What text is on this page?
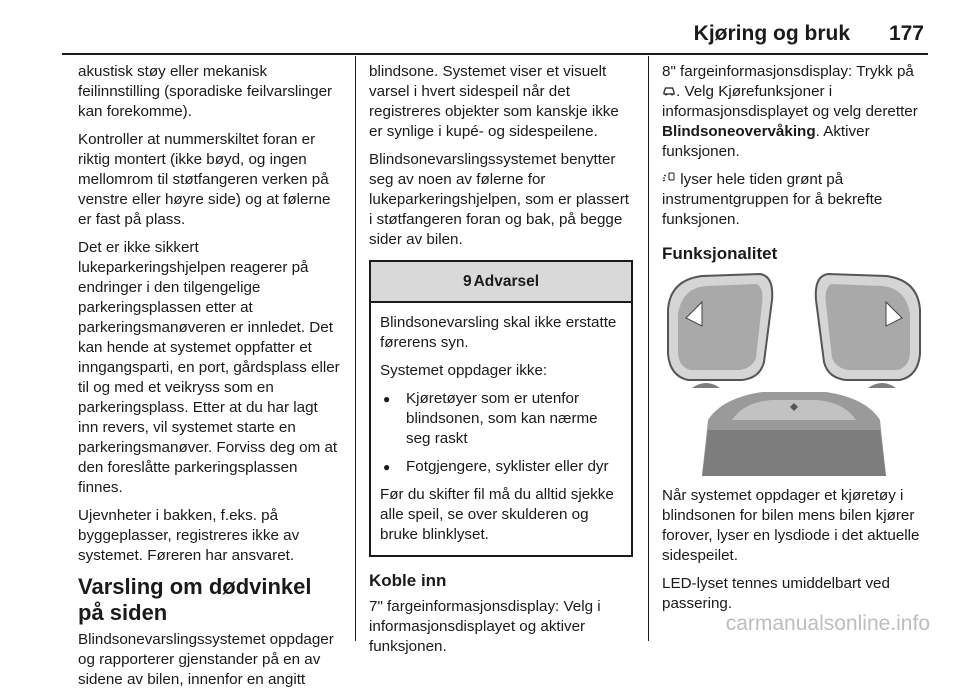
Kjøring og bruk 177

akustisk støy eller mekanisk feilinnstilling (sporadiske feilvarslinger kan forekomme).

Kontroller at nummerskiltet foran er riktig montert (ikke bøyd, og ingen mellomrom til støtfangeren verken på venstre eller høyre side) og at følerne er fast på plass.

Det er ikke sikkert lukeparkeringshjelpen reagerer på endringer i den tilgengelige parkeringsplassen etter at parkeringsmanøveren er innledet. Det kan hende at systemet oppfatter et inngangsparti, en port, gårdsplass eller til og med et veikryss som en parkeringsplass. Etter at du har lagt inn revers, vil systemet starte en parkeringsmanøver. Forviss deg om at den foreslåtte parkeringsplassen finnes.

Ujevnheter i bakken, f.eks. på byggeplasser, registreres ikke av systemet. Føreren har ansvaret.

Varsling om dødvinkel på siden

Blindsonevarslingssystemet oppdager og rapporterer gjenstander på en av sidene av bilen, innenfor en angitt

blindsone. Systemet viser et visuelt varsel i hvert sidespeil når det registreres objekter som kanskje ikke er synlige i kupé- og sidespeilene.

Blindsonevarslingssystemet benytter seg av noen av følerne for lukeparkeringshjelpen, som er plassert i støtfangeren foran og bak, på begge sider av bilen.

9 Advarsel

Blindsonevarsling skal ikke erstatte førerens syn.

Systemet oppdager ikke:

● Kjøretøyer som er utenfor blindsonen, som kan nærme seg raskt
● Fotgjengere, syklister eller dyr

Før du skifter fil må du alltid sjekke alle speil, se over skulderen og bruke blinklyset.

Koble inn

7" fargeinformasjonsdisplay: Velg i informasjonsdisplayet og aktiver funksjonen.

8" fargeinformasjonsdisplay: Trykk på . Velg Kjørefunksjoner i informasjonsdisplayet og velg deretter Blindsoneovervåking. Aktiver funksjonen.

lyser hele tiden grønt på instrumentgruppen for å bekrefte funksjonen.

Funksjonalitet

Når systemet oppdager et kjøretøy i blindsonen for bilen mens bilen kjører forover, lyser en lysdiode i det aktuelle sidespeilet.

LED-lyset tennes umiddelbart ved passering.

carmanualsonline.info
